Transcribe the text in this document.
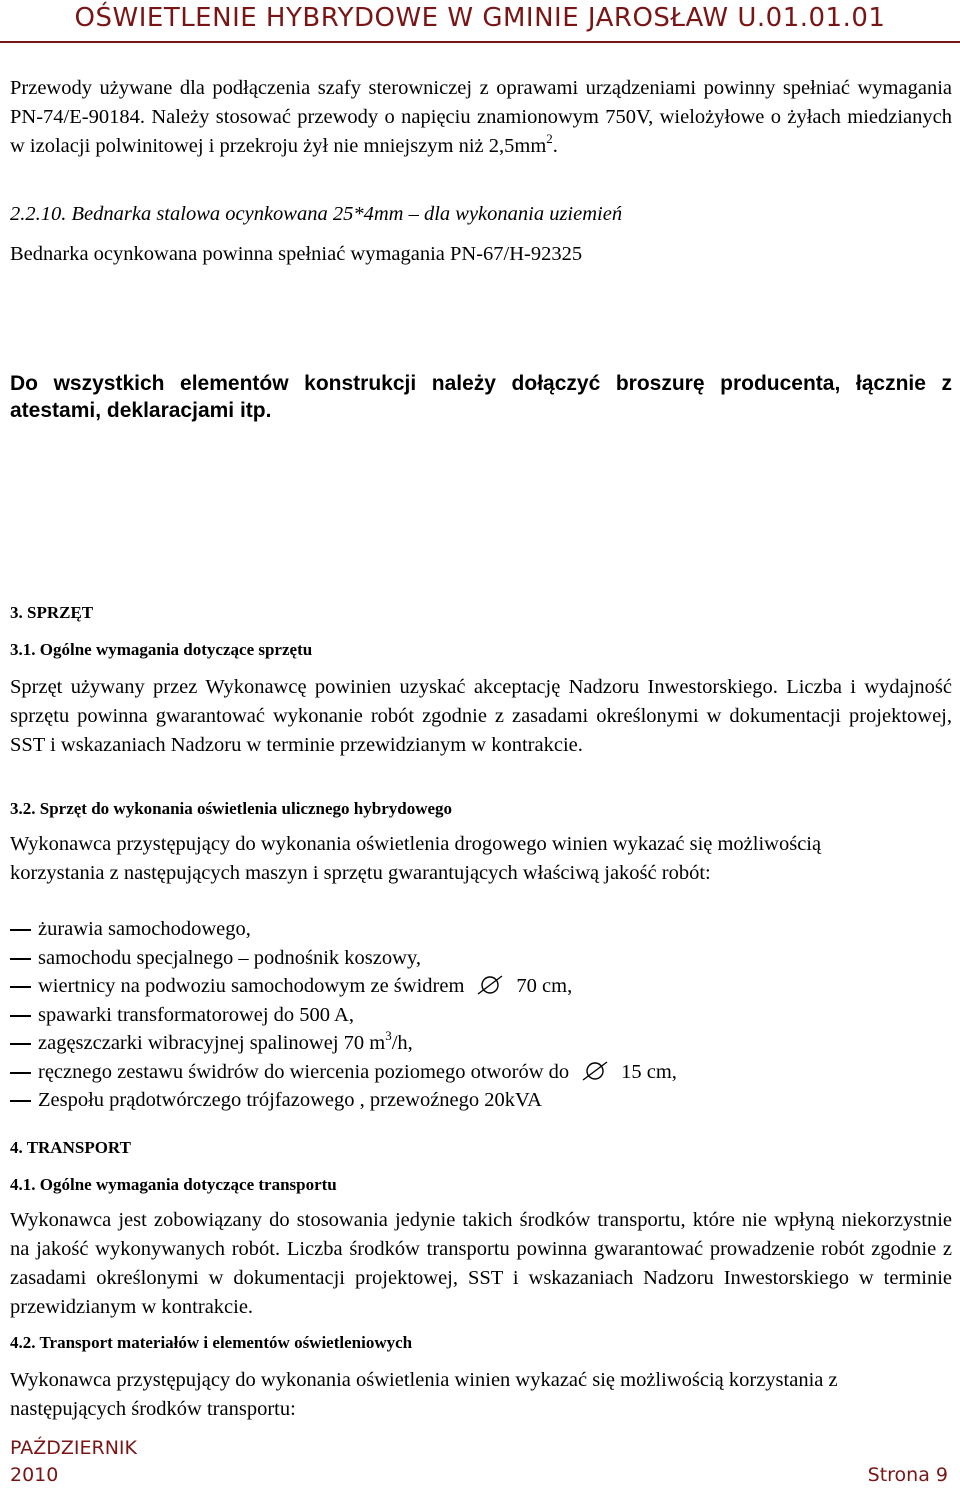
OŚWIETLENIE HYBRYDOWE W GMINIE JAROSŁAW U.01.01.01
Przewody używane dla podłączenia szafy sterowniczej z oprawami urządzeniami powinny spełniać wymagania PN-74/E-90184. Należy stosować przewody o napięciu znamionowym 750V, wielożyłowe o żyłach miedzianych w izolacji polwinitowej i przekroju żył nie mniejszym niż $2,5mm^2$.
2.2.10. Bednarka stalowa ocynkowana 25*4mm – dla wykonania uziemień
Bednarka ocynkowana powinna spełniać wymagania PN-67/H-92325
Do wszystkich elementów konstrukcji należy dołączyć broszurę producenta, łącznie z atestami, deklaracjami itp.
3. SPRZĘT
3.1. Ogólne wymagania dotyczące sprzętu
Sprzęt używany przez Wykonawcę powinien uzyskać akceptację Nadzoru Inwestorskiego. Liczba i wydajność sprzętu powinna gwarantować wykonanie robót zgodnie z zasadami określonymi w dokumentacji projektowej, SST i wskazaniach Nadzoru w terminie przewidzianym w kontrakcie.
3.2. Sprzęt do wykonania oświetlenia ulicznego hybrydowego
Wykonawca przystępujący do wykonania oświetlenia drogowego winien wykazać się możliwością korzystania z następujących maszyn i sprzętu gwarantujących właściwą jakość robót:
żurawia samochodowego,
samochodu specjalnego – podnośnik koszowy,
wiertnicy na podwoziu samochodowym ze świdrem	70 cm,
spawarki transformatorowej do 500 A,
zagęszczarki wibracyjnej spalinowej 70 $m^3/h$,
ręcznego zestawu świdrów do wiercenia poziomego otworów do	15 cm,
Zespołu prądotwórczego trójfazowego , przewoźnego 20kVA
4. TRANSPORT
4.1. Ogólne wymagania dotyczące transportu
Wykonawca jest zobowiązany do stosowania jedynie takich środków transportu, które nie wpłyną niekorzystnie na jakość wykonywanych robót. Liczba środków transportu powinna gwarantować prowadzenie robót zgodnie z zasadami określonymi w dokumentacji projektowej, SST i wskazaniach Nadzoru Inwestorskiego w terminie przewidzianym w kontrakcie.
4.2. Transport materiałów i elementów oświetleniowych
Wykonawca przystępujący do wykonania oświetlenia winien wykazać się możliwością korzystania z następujących środków transportu:
PAŹDZIERNIK
2010	Strona 9
